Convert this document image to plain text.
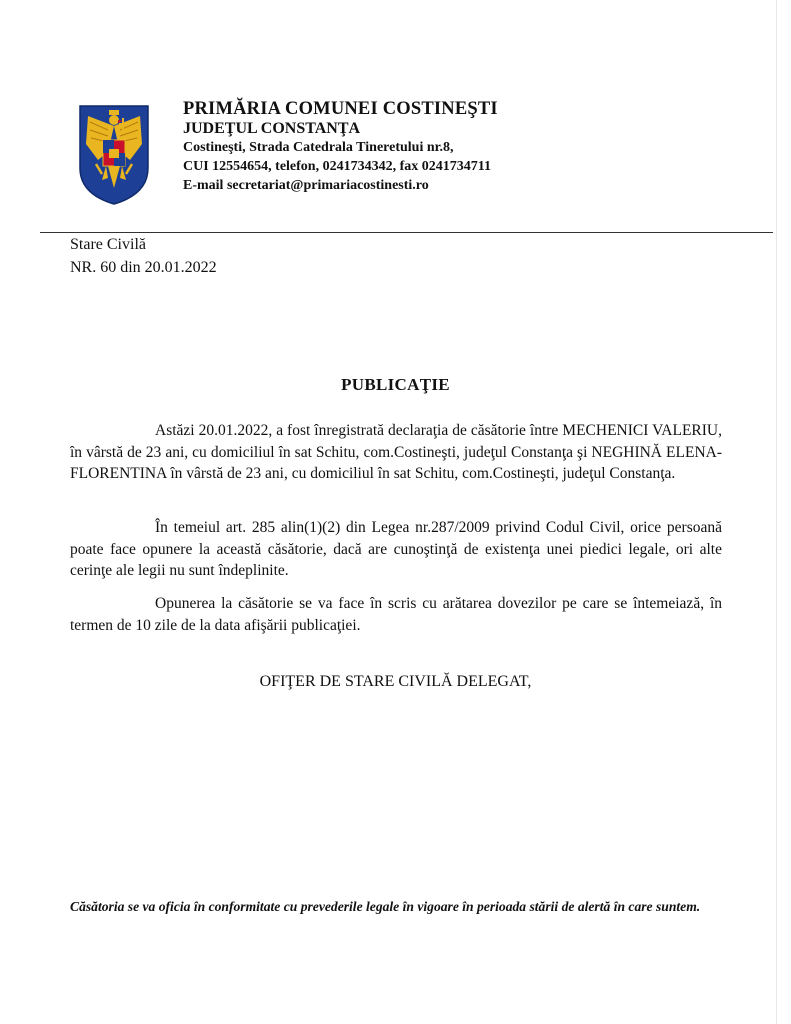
PRIMĂRIA COMUNEI COSTINEŞTI
JUDEŢUL CONSTANŢA
Costineşti, Strada Catedrala Tineretului nr.8,
CUI 12554654, telefon, 0241734342, fax 0241734711
E-mail secretariat@primariacostinesti.ro
Stare Civilă
NR. 60 din 20.01.2022
PUBLICAŢIE
Astăzi 20.01.2022, a fost înregistrată declaraţia de căsătorie între MECHENICI VALERIU, în vârstă de 23 ani, cu domiciliul în sat Schitu, com.Costineşti, judeţul Constanţa şi NEGHINĂ ELENA-FLORENTINA în vârstă de 23 ani, cu domiciliul în sat Schitu, com.Costineşti, judeţul Constanţa.
În temeiul art. 285 alin(1)(2) din Legea nr.287/2009 privind Codul Civil, orice persoană poate face opunere la această căsătorie, dacă are cunoştinţă de existenţa unei piedici legale, ori alte cerinţe ale legii nu sunt îndeplinite.
Opunerea la căsătorie se va face în scris cu arătarea dovezilor pe care se întemeiază, în termen de 10 zile de la data afişării publicaţiei.
OFIŢER DE STARE CIVILĂ DELEGAT,
Căsătoria se va oficia în conformitate cu prevederile legale în vigoare în perioada stării de alertă în care suntem.
